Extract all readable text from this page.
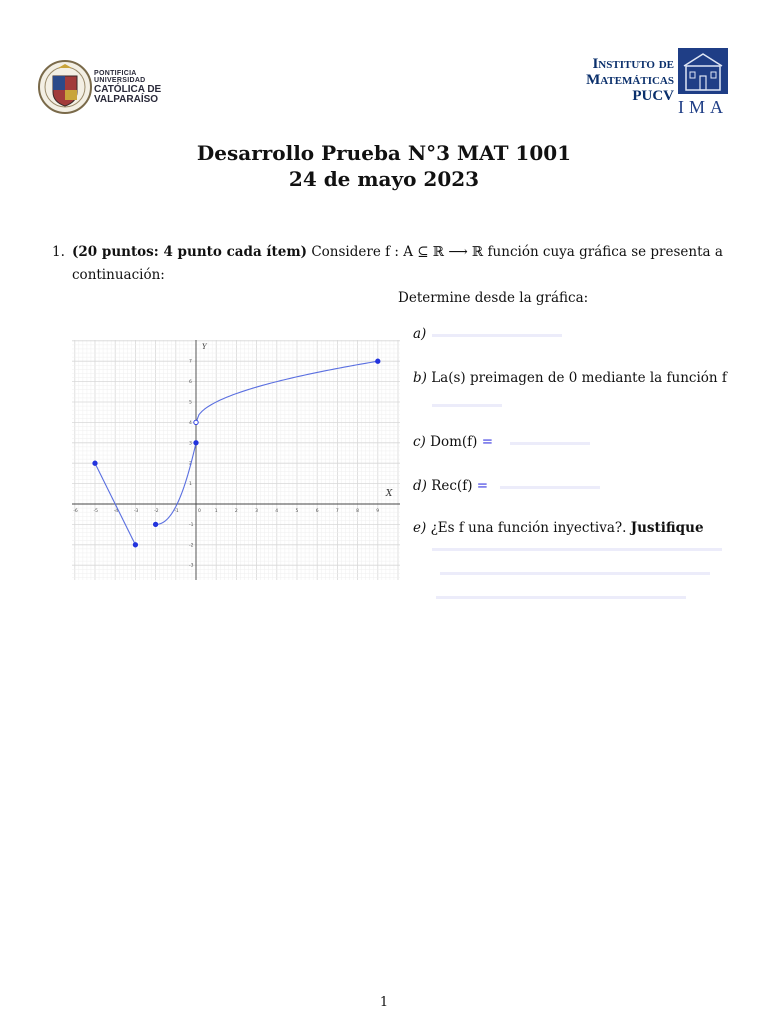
PONTIFICIA
UNIVERSIDAD
CATÓLICA DE
VALPARAÍSO
Instituto de
Matemáticas
PUCV
IMA
Desarrollo Prueba N°3 MAT 1001
24 de mayo 2023
1. (20 puntos: 4 punto cada ítem) Considere f : A ⊆ ℝ ⟶ ℝ función cuya gráfica se presenta a continuación:
Determine desde la gráfica:
a)
b) La(s) preimagen de 0 mediante la función f
c) Dom(f) =
d) Rec(f) =
e) ¿Es f una función inyectiva?. Justifique
-6	-5	-4	-3	-2	-1	0	1	2	3	4	5	6	7	8	9
7
6
5
4
3
2
1
-1
-2
-3
X
Y
1
